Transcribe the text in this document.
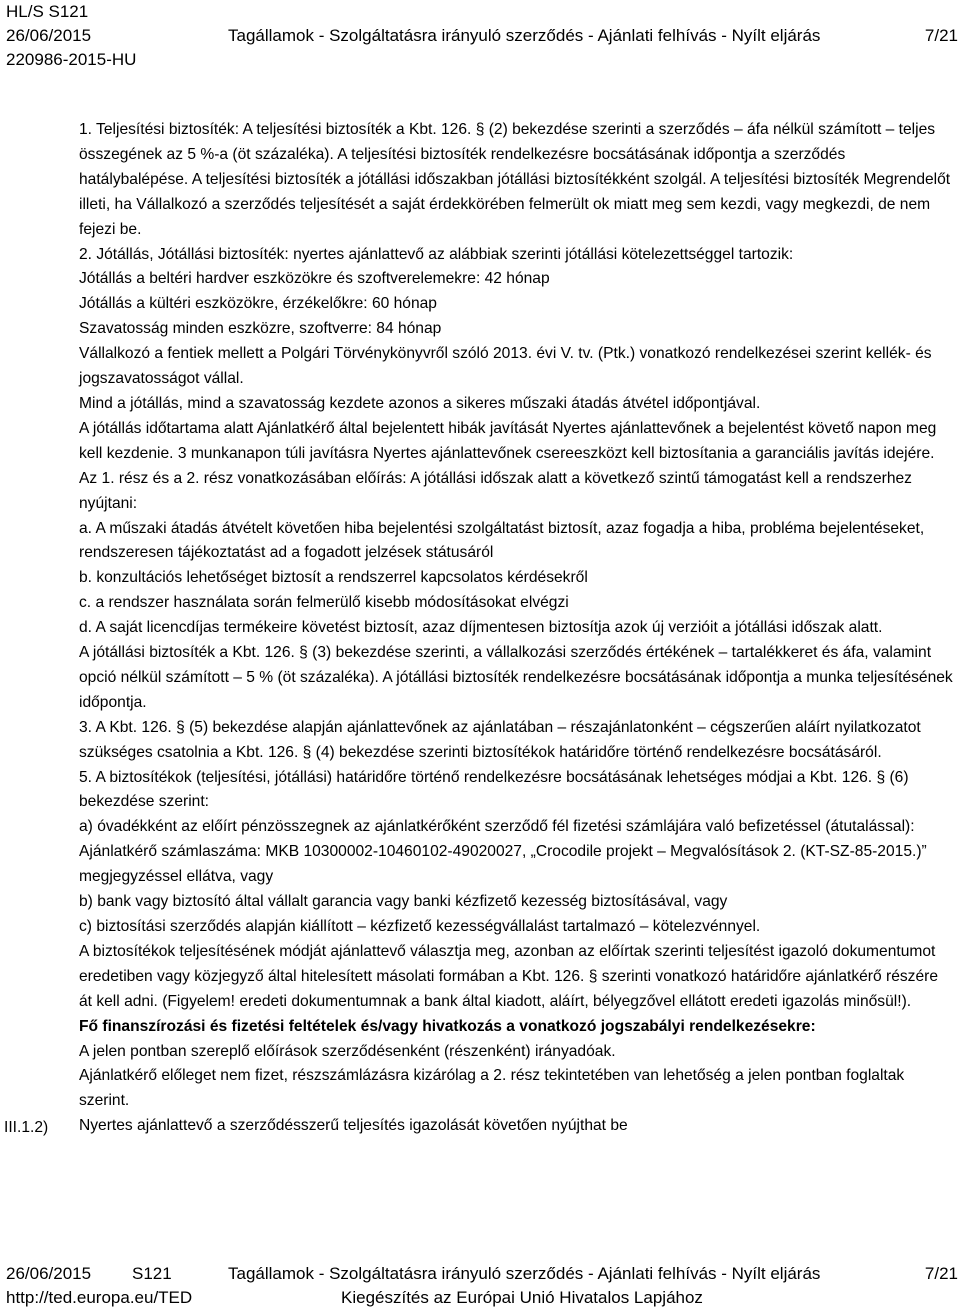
HL/S S121
26/06/2015	Tagállamok - Szolgáltatásra irányuló szerződés - Ajánlati felhívás - Nyílt eljárás	7/21
220986-2015-HU

1. Teljesítési biztosíték: A teljesítési biztosíték a Kbt. 126. § (2) bekezdése szerinti a szerződés – áfa nélkül számított – teljes összegének az 5 %-a (öt százaléka). A teljesítési biztosíték rendelkezésre bocsátásának időpontja a szerződés hatálybalépése. A teljesítési biztosíték a jótállási időszakban jótállási biztosítékként szolgál. A teljesítési biztosíték Megrendelőt illeti, ha Vállalkozó a szerződés teljesítését a saját érdekkörében felmerült ok miatt meg sem kezdi, vagy megkezdi, de nem fejezi be.

2. Jótállás, Jótállási biztosíték: nyertes ajánlattevő az alábbiak szerinti jótállási kötelezettséggel tartozik:

Jótállás a beltéri hardver eszközökre és szoftverelemekre: 42 hónap

Jótállás a kültéri eszközökre, érzékelőkre: 60 hónap

Szavatosság minden eszközre, szoftverre: 84 hónap

Vállalkozó a fentiek mellett a Polgári Törvénykönyvről szóló 2013. évi V. tv. (Ptk.) vonatkozó rendelkezései szerint kellék- és jogszavatosságot vállal.

Mind a jótállás, mind a szavatosság kezdete azonos a sikeres műszaki átadás átvétel időpontjával.

A jótállás időtartama alatt Ajánlatkérő által bejelentett hibák javítását Nyertes ajánlattevőnek a bejelentést követő napon meg kell kezdenie. 3 munkanapon túli javításra Nyertes ajánlattevőnek csereeszközt kell biztosítania a garanciális javítás idejére.

Az 1. rész és a 2. rész vonatkozásában előírás: A jótállási időszak alatt a következő szintű támogatást kell a rendszerhez nyújtani:

a. A műszaki átadás átvételt követően hiba bejelentési szolgáltatást biztosít, azaz fogadja a hiba, probléma bejelentéseket, rendszeresen tájékoztatást ad a fogadott jelzések státusáról

b. konzultációs lehetőséget biztosít a rendszerrel kapcsolatos kérdésekről

c. a rendszer használata során felmerülő kisebb módosításokat elvégzi

d. A saját licencdíjas termékeire követést biztosít, azaz díjmentesen biztosítja azok új verzióit a jótállási időszak alatt.

A jótállási biztosíték a Kbt. 126. § (3) bekezdése szerinti, a vállalkozási szerződés értékének – tartalékkeret és áfa, valamint opció nélkül számított – 5 % (öt százaléka). A jótállási biztosíték rendelkezésre bocsátásának időpontja a munka teljesítésének időpontja.

3. A Kbt. 126. § (5) bekezdése alapján ajánlattevőnek az ajánlatában – részajánlatonként – cégszerűen aláírt nyilatkozatot szükséges csatolnia a Kbt. 126. § (4) bekezdése szerinti biztosítékok határidőre történő rendelkezésre bocsátásáról.

5. A biztosítékok (teljesítési, jótállási) határidőre történő rendelkezésre bocsátásának lehetséges módjai a Kbt. 126. § (6) bekezdése szerint:

a) óvadékként az előírt pénzösszegnek az ajánlatkérőként szerződő fél fizetési számlájára való befizetéssel (átutalással): Ajánlatkérő számlaszáma: MKB 10300002-10460102-49020027, „Crocodile projekt – Megvalósítások 2. (KT-SZ-85-2015.)” megjegyzéssel ellátva, vagy

b) bank vagy biztosító által vállalt garancia vagy banki kézfizető kezesség biztosításával, vagy

c) biztosítási szerződés alapján kiállított – kézfizető kezességvállalást tartalmazó – kötelezvénnyel.

A biztosítékok teljesítésének módját ajánlattevő választja meg, azonban az előírtak szerinti teljesítést igazoló dokumentumot eredetiben vagy közjegyző által hitelesített másolati formában a Kbt. 126. § szerinti vonatkozó határidőre ajánlatkérő részére át kell adni. (Figyelem! eredeti dokumentumnak a bank által kiadott, aláírt, bélyegzővel ellátott eredeti igazolás minősül!).

Fő finanszírozási és fizetési feltételek és/vagy hivatkozás a vonatkozó jogszabályi rendelkezésekre:

A jelen pontban szereplő előírások szerződésenként (részenként) irányadóak.

Ajánlatkérő előleget nem fizet, részszámlázásra kizárólag a 2. rész tekintetében van lehetőség a jelen pontban foglaltak szerint.

Nyertes ajánlattevő a szerződésszerű teljesítés igazolását követően nyújthat be

III.1.2)
26/06/2015 S121	Tagállamok - Szolgáltatásra irányuló szerződés - Ajánlati felhívás - Nyílt eljárás	7/21
http://ted.europa.eu/TED	Kiegészítés az Európai Unió Hivatalos Lapjához
